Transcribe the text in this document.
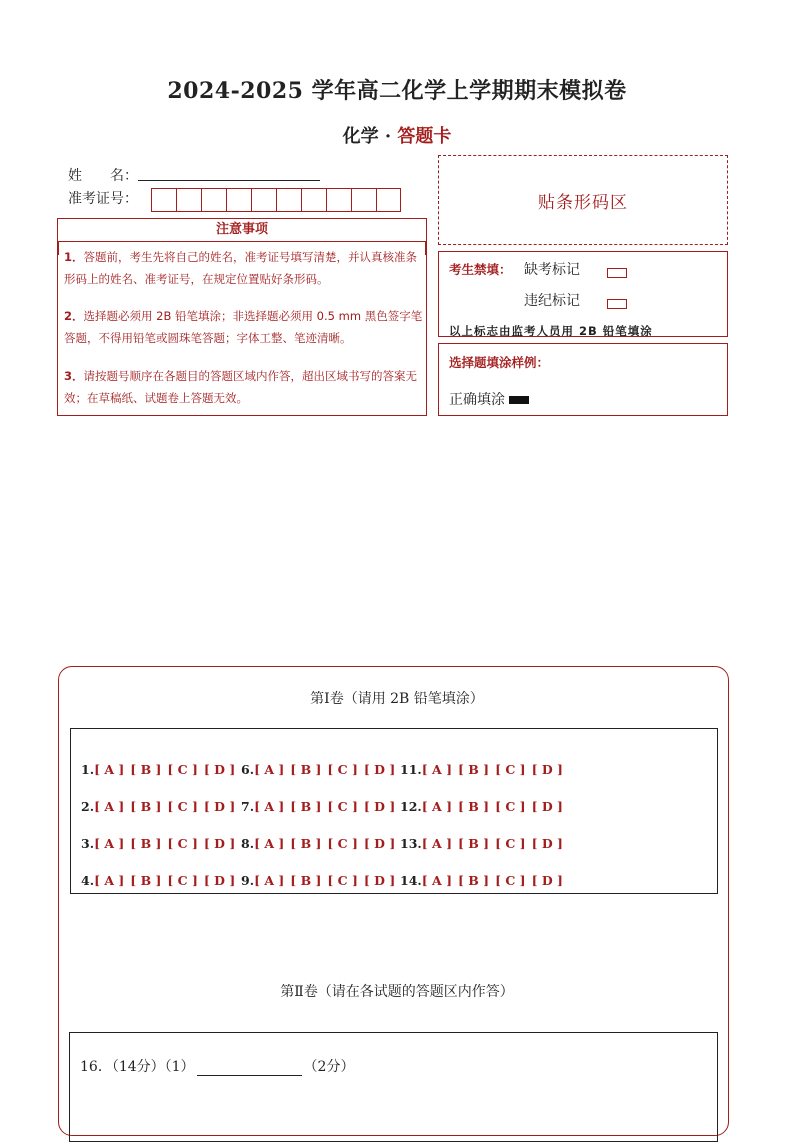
2024-2025 学年高二化学上学期期末模拟卷
化学 · 答题卡
姓　　名：
准考证号：	贴条形码区
注意事项
1．答题前，考生先将自己的姓名，准考证号填写清楚，并认真核准条形码上的姓名、准考证号，在规定位置贴好条形码。
2．选择题必须用 2B 铅笔填涂；非选择题必须用 0.5 mm 黑色签字笔答题，不得用铅笔或圆珠笔答题；字体工整、笔迹清晰。
3．请按题号顺序在各题目的答题区域内作答，超出区域书写的答案无效；在草稿纸、试题卷上答题无效。
考生禁填： 缺考标记
违纪标记
以上标志由监考人员用 2B 铅笔填涂
选择题填涂样例：
正确填涂
第Ⅰ卷（请用 2B 铅笔填涂）
1.[ A ] [ B ] [ C ] [ D ]
2.[ A ] [ B ] [ C ] [ D ]
3.[ A ] [ B ] [ C ] [ D ]
4.[ A ] [ B ] [ C ] [ D ]
6.[ A ] [ B ] [ C ] [ D ]
7.[ A ] [ B ] [ C ] [ D ]
8.[ A ] [ B ] [ C ] [ D ]
9.[ A ] [ B ] [ C ] [ D ]
11.[ A ] [ B ] [ C ] [ D ]
12.[ A ] [ B ] [ C ] [ D ]
13.[ A ] [ B ] [ C ] [ D ]
14.[ A ] [ B ] [ C ] [ D ]
第Ⅱ卷（请在各试题的答题区内作答）
16．（14分）（1）	（2分）
